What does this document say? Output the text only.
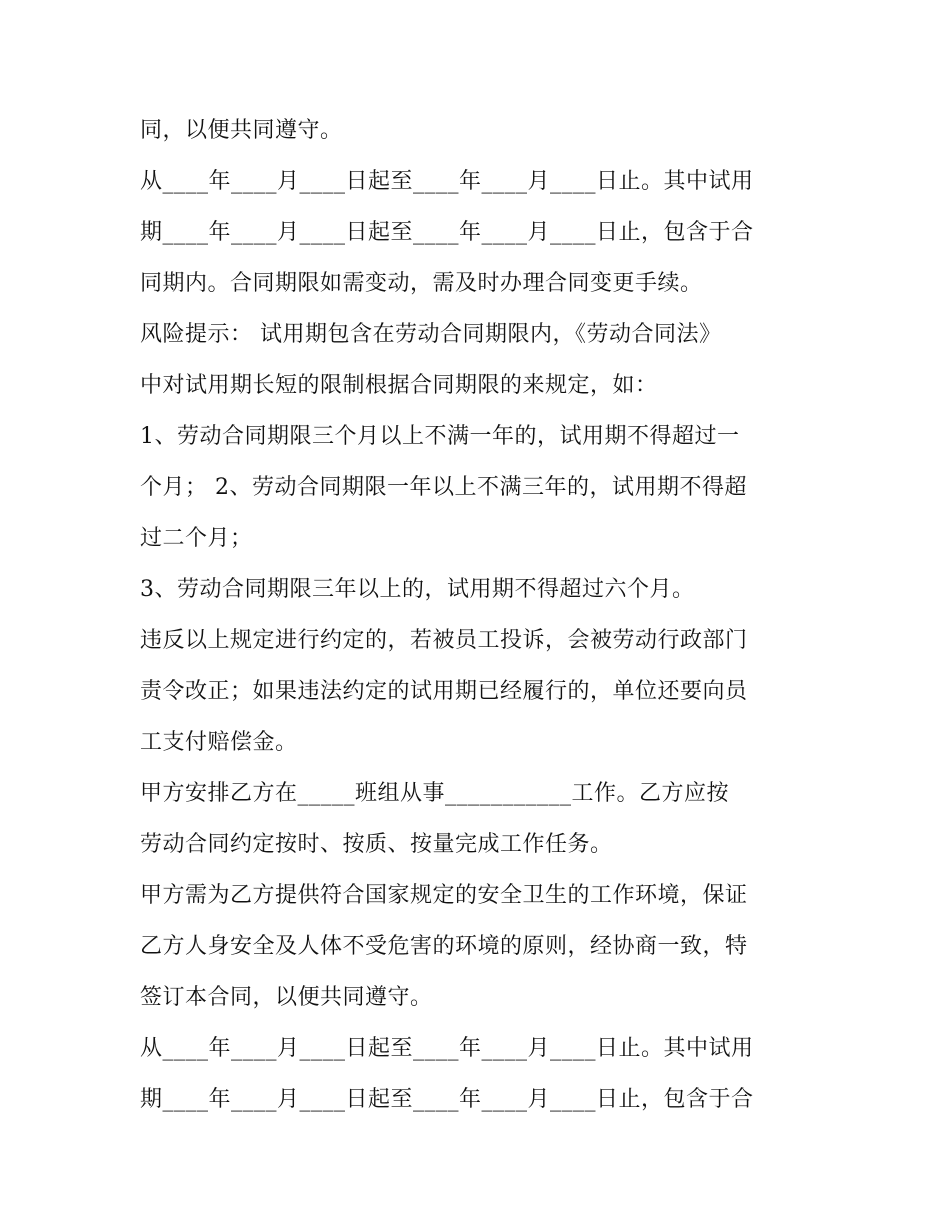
同，以便共同遵守。
从____年____月____日起至____年____月____日止。其中试用
期____年____月____日起至____年____月____日止，包含于合
同期内。合同期限如需变动，需及时办理合同变更手续。
风险提示： 试用期包含在劳动合同期限内，《劳动合同法》
中对试用期长短的限制根据合同期限的来规定，如：
1、劳动合同期限三个月以上不满一年的，试用期不得超过一
个月； 2、劳动合同期限一年以上不满三年的，试用期不得超
过二个月；
3、劳动合同期限三年以上的，试用期不得超过六个月。
违反以上规定进行约定的，若被员工投诉，会被劳动行政部门
责令改正；如果违法约定的试用期已经履行的，单位还要向员
工支付赔偿金。
甲方安排乙方在_____班组从事___________工作。乙方应按
劳动合同约定按时、按质、按量完成工作任务。
甲方需为乙方提供符合国家规定的安全卫生的工作环境，保证
乙方人身安全及人体不受危害的环境的原则，经协商一致，特
签订本合同，以便共同遵守。
从____年____月____日起至____年____月____日止。其中试用
期____年____月____日起至____年____月____日止，包含于合
